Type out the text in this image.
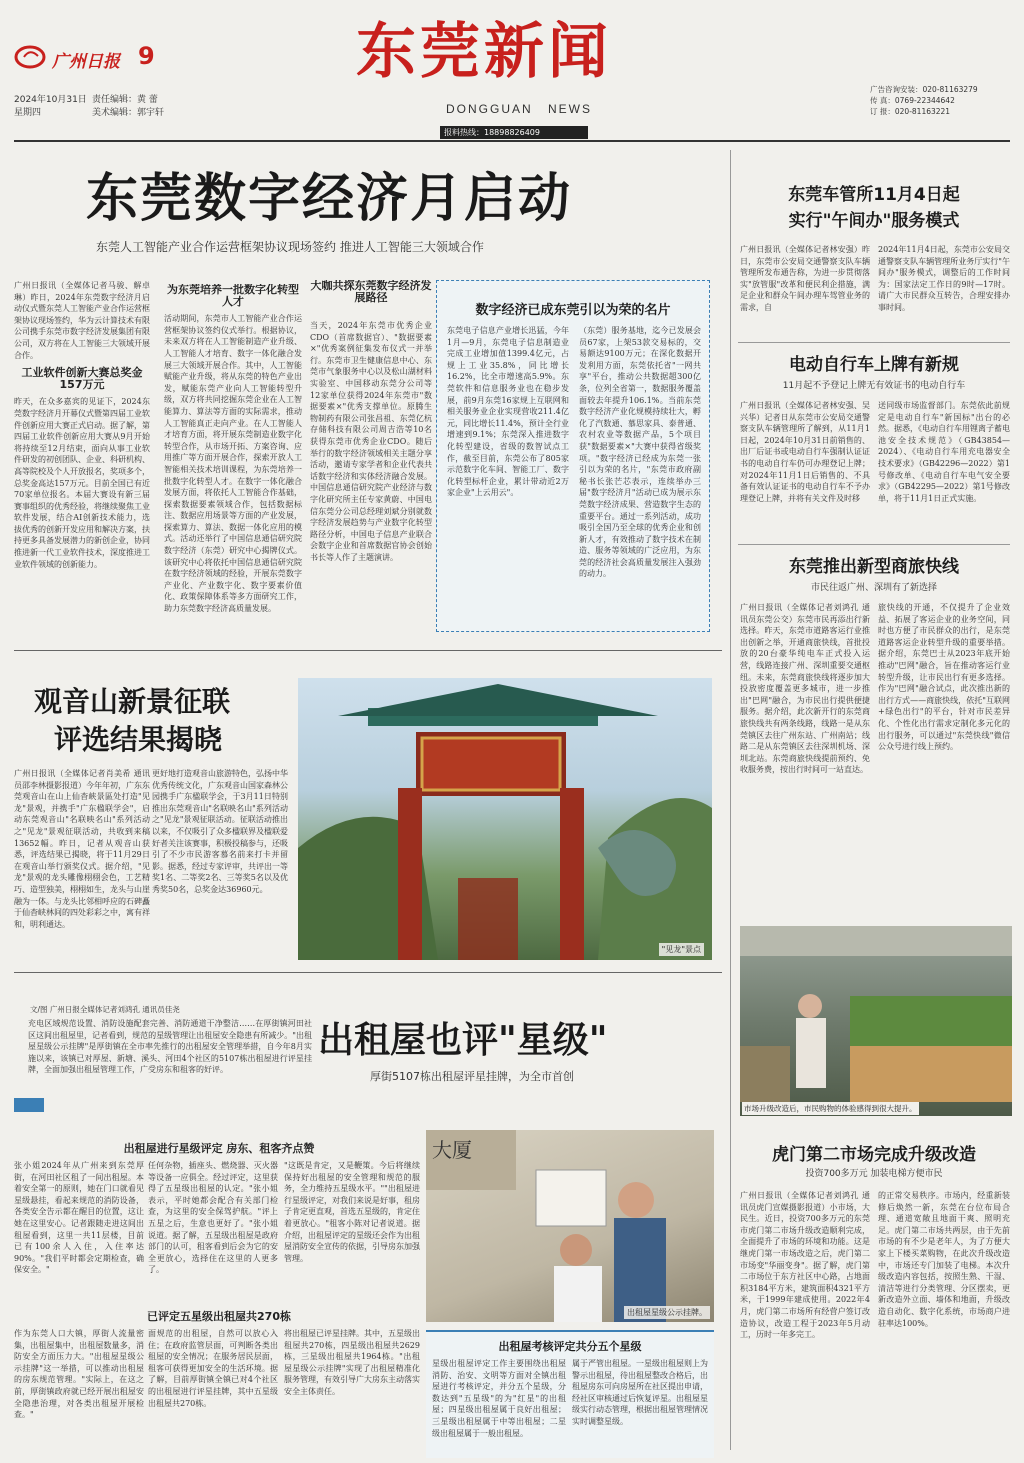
广州日报 9
2024年10月31日
星期四
责任编辑：黄 蕾
美术编辑：郭宇轩
东莞新闻
DONGGUAN NEWS
报料热线：18898826409
广告咨询安装：020-81163279
传 真：0769-22344642
订 报：020-81163221
东莞数字经济月启动
东莞人工智能产业合作运营框架协议现场签约 推进人工智能三大领域合作

广州日报讯（全媒体记者马骏、解卓琳）昨日，2024年东莞数字经济月启动仪式暨东莞人工智能产业合作运营框架协议现场签约，华为云计算技术有限公司携手东莞市数字经济发展集团有限公司，双方将在人工智能三大领域开展合作。

工业软件创新大赛总奖金157万元

昨天，在众多嘉宾的见证下，2024东莞数字经济月开幕仪式暨第四届工业软件创新应用大赛正式启动。据了解，第四届工业软件创新应用大赛从9月开始将持续至12月结束，面向从事工业软件研发的初创团队、企业、科研机构、高等院校及个人开放报名，奖项多个，总奖金高达157万元。目前全国已有近70家单位报名。本届大赛设有新三届赛事组织的优秀经验，将继续聚焦工业软件发展，结合AI创新技术能力，选拔优秀的创新开发应用和解决方案，扶持更多具备发展潜力的新创企业，协同推进新一代工业软件技术，深度推进工业软件领域的创新能力。

为东莞培养一批数字化转型人才

活动期间，东莞市人工智能产业合作运营框架协议签约仪式举行。根据协议，未来双方将在人工智能制造产业升级、人工智能人才培育、数字一体化融合发展三大领域开展合作。其中，人工智能赋能产业升级，将从东莞的特色产业出发，赋能东莞产业向人工智能转型升级，双方将共同挖掘东莞企业在人工智能算力、算法等方面的实际需求，推动人工智能真正走向产业。在人工智能人才培育方面，将开展东莞制造业数字化转型合作，从市场开拓、方案咨询、应用推广等方面开展合作，探索开放人工智能相关技术培训课程，为东莞培养一批数字化转型人才。在数字一体化融合发展方面，将依托人工智能合作基础，探索数据要素领域合作，包括数据标注、数据应用场景等方面的产业发展，探索算力、算法、数据一体化应用的模式。活动还举行了中国信息通信研究院数字经济（东莞）研究中心揭牌仪式。该研究中心将依托中国信息通信研究院在数字经济领域的经验，开展东莞数字产业化、产业数字化、数字要素价值化、政策保障体系等多方面研究工作，助力东莞数字经济高质量发展。

当天，2024年东莞市优秀企业CDO（首席数据官）、"数据要素×"优秀案例征集发布仪式一并举行。东莞市卫生健康信息中心、东莞市气象服务中心以及松山湖材料实验室、中国移动东莞分公司等12家单位获得2024年东莞市"数据要素×"优秀支撑单位。原腾生物制药有限公司张昌祖、东莞亿杭存储科技有限公司周吉浩等10名获得东莞市优秀企业CDO。随后举行的数字经济领域相关主题分享活动，邀请专家学者和企业代表共话数字经济和实体经济融合发展。中国信息通信研究院产业经济与数字化研究所主任专家黄蔚、中国电信东莞分公司总经理刘斌分别就数字经济发展趋势与产业数字化转型路径分析，中国电子信息产业联合会数字企业和首席数据官协会创始书长等人作了主题演讲。

大咖共探东莞数字经济发展路径

数字经济已成东莞引以为荣的名片
东莞电子信息产业增长迅猛，今年1月—9月，东莞电子信息制造业完成工业增加值1399.4亿元，占规上工业35.8%，同比增长16.2%，比全市增速高5.9%。东莞软件和信息服务业也在稳步发展，前9月东莞16家规上互联网和相关服务业企业实现营收211.4亿元，同比增长11.4%，预计全行业增速到9.1%；东莞深入推进数字化转型建设，省级的数智试点工作，截至目前，东莞公布了805家示范数字化车间、智能工厂、数字化转型标杆企业，累计带动近2万家企业"上云用云"。
（东莞）服务基地，迄今已发展会员67家，上架53款交易标的，交易额达9100万元；在深化数据开发利用方面，东莞依托省"一网共享"平台，推动公共数据超300亿条，位列全省第一，数据服务覆盖面较去年提升106.1%。当前东莞数字经济产业化规模持续壮大，孵化了汽数通、慕思家具、泰普通、农村农业等数据产品，5个项目获"数据要素×"大赛中获得省级奖项。"数字经济已经成为东莞一张引以为荣的名片，"东莞市政府副秘书长张芒芯表示，连续举办三届"数字经济月"活动已成为展示东莞数字经济成果、营造数字生态的重要平台。通过一系列活动，成功吸引全国乃至全球的优秀企业和创新人才，有效推动了数字技术在制造、服务等领域的广泛应用，为东莞的经济社会高质量发展注入强劲的动力。
观音山新景征联
评选结果揭晓
广州日报讯（全媒体记者肖美希 通讯员邵李林摄影报道）今年年初，广东东莞观音山在山上仙杳峡景區处打造"见龙"景观，并携手"广东楹联学会"，启动东莞观音山"名联映名山"系列活动之"见龙"景观征联活动，共收到来稿13652幅。昨日，记者从观音山获悉，评选结果已揭晓，将于11月29日在观音山举行颁奖仪式。据介绍，"见龙"景观的龙头雕像栩栩会色，工艺精巧、造型独美，栩栩如生，龙头与山崖融为一体。与龙头比邻相呼应的石碑矗于仙杳峡林间的四处彩彩之中，寓有祥和，明利通达。
更好地打造观音山旅游特色，弘扬中华优秀传统文化，广东观音山国家森林公园携手广东楹联学会，于3月11日特别推出东莞观音山"名联映名山"系列活动之"见龙"景观征联活动。征联活动推出以来，不仅吸引了众多楹联界及楹联爱好者关注该赛事，积极投稿参与，还吸引了不少市民游客慕名前来打卡并留影。据悉，经过专家评审，共评出一等奖1名、二等奖2名、三等奖5名以及优秀奖50名，总奖金达36960元。
"见龙"景点
文/图 广州日报全媒体记者刘鸿孔 通讯员佳尧
充电区域规范设置、消防设施配套完善、消防通道干净整洁……在厚街镇河田社区这间出租屋里，记者看到，规范的星级管理让出租屋安全隐患有所减少。"出租屋星级公示挂牌"是厚街镇在全市率先推行的出租屋安全管理举措，自今年8月实施以来，该镇已对厚屋、新塘、溪头、河田4个社区的5107栋出租屋进行评星挂牌，全面加强出租屋管理工作，广受房东和租客的好评。
出租屋也评"星级"
厚街5107栋出租屋评星挂牌，为全市首创
出租屋进行星级评定 房东、租客齐点赞
张小姐2024年从广州来到东莞厚街，在河田社区租了一间出租屋。本着安全第一的原则，她在门口就看见星级悬挂，看起来规范的消防设备，各类安全告示都在醒目的位置，这让她在这里安心。记者跟随走进这间出租屋看到，这里一共11层楼，目前已有100余人入住，入住率达90%。"我们平时都会定期检查，确保安全。"
任何杂物，插座头、燃烧器、灭火器等设备一应俱全。经过评定，这里获得了五星级出租屋的认定。"张小姐表示，平时她都会配合有关部门检查，为这里的安全保驾护航。"评上五星之后，生意也更好了。"张小姐说道。据了解，五星级出租屋是政府部门的认可，租客看到后会为它的安全更放心，选择住在这里的人更多了。
"这既是肯定，又是鞭策。今后将继续保持好出租屋的安全管理和规范的服务，全力维持五星级水平。""出租屋进行星级评定，对我们来说是好事，租房子肯定更直观，首选五星级的，肯定住着更放心。"租客小陈对记者说道。据介绍，出租屋评定的星级还会作为出租屋消防安全宣传的依据，引导房东加强管理。
已评定五星级出租屋共270栋
作为东莞人口大镇，厚街人流量密集，出租屋集中，出租屋数量多，消防安全方面压力大。"出租屋星级公示挂牌"这一举措，可以推动出租屋的房东规范管理。"实际上，在这之前，厚街镇政府就已经开展出租屋安全隐患治理，对各类出租屋开展检查。"
面规范的出租屋，自然可以放心入住；在政府监管层面，可判断各类出租屋的安全情况；在服务居民层面，租客可获得更加安全的生活环境。据了解，目前厚街镇全镇已对4个社区的出租屋进行评星挂牌，其中五星级出租屋共270栋。
将出租屋已评星挂牌。其中，五星级出租屋共270栋，四星级出租屋共2629栋，三星级出租屋共1964栋。"出租屋星级公示挂牌"实现了出租屋精准化服务管理，有效引导广大房东主动落实安全主体责任。
大厦
出租屋星级公示挂牌。
出租屋考核评定共分五个星级
星级出租屋评定工作主要围绕出租屋消防、治安、文明等方面对全镇出租屋进行考核评定，并分五个星级，分数达到"五星级"的为"红星"的出租屋；四星级出租屋属于良好出租屋；三星级出租屋属于中等出租屋；二星级出租屋属于一般出租屋。
属于严管出租屋。一星级出租屋则上为警示出租屋，待出租屋整改合格后，出租屋房东可向房屋所在社区提出申请，经社区审核通过后恢复评星。出租屋星级实行动态管理，根据出租屋管理情况实时调整星级。
东莞车管所11月4日起
实行"午间办"服务模式
广州日报讯（全媒体记者林安强）昨日，东莞市公安局交通警察支队车辆管理所发布通告称，为进一步贯彻落实"放管服"改革和便民利企措施，满足企业和群众午间办理车驾管业务的需求，自
2024年11月4日起，东莞市公安局交通警察支队车辆管理所业务厅实行"午间办"服务模式，调整后的工作时间为：国家法定工作日的9时—17时。请广大市民群众互转告，合理安排办事时间。
电动自行车上牌有新规
11月起不予登记上牌无有效证书的电动自行车
广州日报讯（全媒体记者林安强、吴兴华）记者日从东莞市公安局交通警察支队车辆管理所了解到，从11月1日起，2024年10月31日前销售的、出厂后证书或电动自行车强制认证证书的电动自行车仍可办理登记上牌；对2024年11月1日后销售的、不具备有效认证证书的电动自行车不予办理登记上牌，并将有关文件及时移
送同级市场监督部门。东莞依此前规定是电动自行车"新国标"出台的必然。据悉，《电动自行车用锂离子蓄电池安全技术规范》（GB43854—2024）、《电动自行车用充电器安全技术要求》（GB42296—2022）第1号修改单、《电动自行车电气安全要求》（GB42295—2022）第1号修改单，将于11月1日正式实施。
东莞推出新型商旅快线
市民往返广州、深圳有了新选择
广州日报讯（全媒体记者刘鸿孔 通讯员东莞公交）东莞市民再添出行新选择。昨天，东莞市道路客运行业推出创新之举，开通商旅快线，首批投放的20台豪华纯电车正式投入运营，线路连接广州、深圳重要交通枢纽。未来，东莞商旅快线将逐步加大投放密度覆盖更多城市，进一步推出"巴网"融合，为市民出行提供便捷服务。据介绍，此次新开行的东莞商旅快线共有两条线路，线路一是从东莞镇区去往广州东站、广州南站；线路二是从东莞镇区去往深圳机场、深圳北站。东莞商旅快线提前预约、免收服务费，按出行时间可一站直达。
旅快线的开通，不仅提升了企业效益、拓展了客运企业的业务空间，同时也方便了市民群众的出行，是东莞道路客运企业转型升级的重要举措。据介绍，东莞巴士从2023年底开始推动"巴网"融合，旨在推动客运行业转型升级，让市民出行有更多选择。作为"巴网"融合试点，此次推出新的出行方式——商旅快线，依托"互联网+绿色出行"的平台，针对市民差异化、个性化出行需求定制化多元化的出行服务，可以通过"东莞快线"微信公众号进行线上预约。
市场升级改造后，市民购物的体验感得到很大提升。
虎门第二市场完成升级改造
投资700多万元 加装电梯方便市民
广州日报讯（全媒体记者刘鸿孔 通讯员虎门宣媒摄影报道）小市场，大民生。近日，投资700多万元的东莞市虎门第二市场升级改造顺利完成，全面提升了市场的环境和功能。这是继虎门第一市场改造之后，虎门第二市场变"华丽变身"。据了解，虎门第二市场位于东方社区中心路，占地面积3184平方米，建筑面积4321平方米，于1999年建成使用。2022年4月，虎门第二市场所有经营户签订改造协议，改造工程于2023年5月动工，历时一年多完工。
的正常交易秩序。市场内，经重新装修后焕然一新，东莞在台位布局合理、通道宽敞且地面干爽、照明充足。虎门第二市场共两层，由于先前市场的有不少是老年人，为了方便大家上下楼买菜购物，在此次升级改造中，市场还专门加装了电梯。本次升级改造内容包括，按照生熟、干湿、清洁等进行分类管理、分区摆卖，更新改造外立面、墙体和地面，升级改造自动化、数字化系统，市场商户进驻率达100%。
